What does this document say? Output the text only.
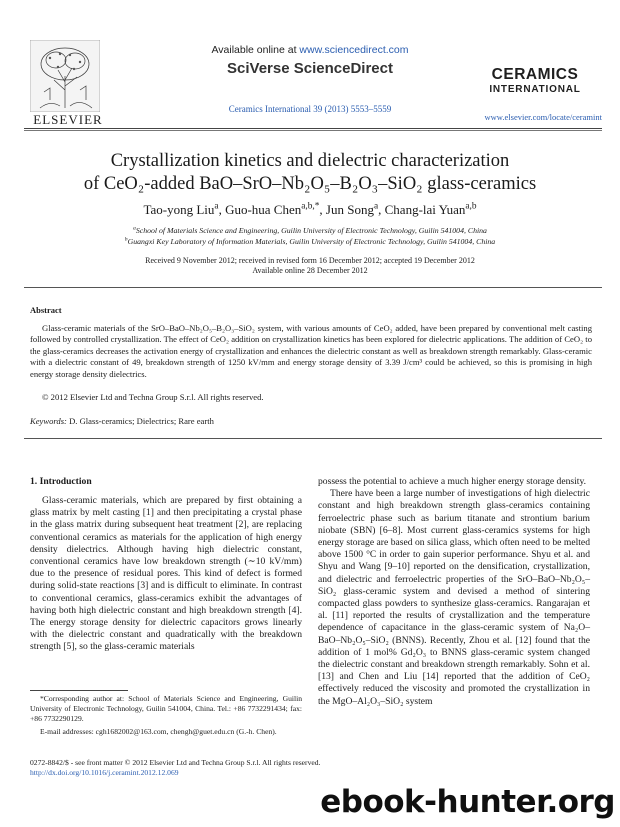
ELSEVIER
Available online at www.sciencedirect.com
SciVerse ScienceDirect
Ceramics International 39 (2013) 5553–5559
CERAMICS
INTERNATIONAL
www.elsevier.com/locate/ceramint
Crystallization kinetics and dielectric characterization
of CeO₂-added BaO–SrO–Nb₂O₅–B₂O₃–SiO₂ glass-ceramics
Tao-yong Liu$^a$, Guo-hua Chen$^{a,b,*}$, Jun Song$^a$, Chang-lai Yuan$^{a,b}$
$^a$School of Materials Science and Engineering, Guilin University of Electronic Technology, Guilin 541004, China
$^b$Guangxi Key Laboratory of Information Materials, Guilin University of Electronic Technology, Guilin 541004, China
Received 9 November 2012; received in revised form 16 December 2012; accepted 19 December 2012
Available online 28 December 2012
Abstract
Glass-ceramic materials of the SrO–BaO–Nb₂O₅–B₂O₃–SiO₂ system, with various amounts of CeO₂ added, have been prepared by conventional melt casting followed by controlled crystallization. The effect of CeO₂ addition on crystallization kinetics has been explored for dielectric applications. The addition of CeO₂ to the glass-ceramics decreases the activation energy of crystallization and enhances the dielectric constant as well as breakdown strength remarkably. Glass-ceramic with a dielectric constant of 49, breakdown strength of 1250 kV/mm and energy storage density of 3.39 J/cm³ could be achieved, so this is promising in high energy storage density dielectrics.
© 2012 Elsevier Ltd and Techna Group S.r.l. All rights reserved.
Keywords: D. Glass-ceramics; Dielectrics; Rare earth
1. Introduction
Glass-ceramic materials, which are prepared by first obtaining a glass matrix by melt casting [1] and then precipitating a crystal phase in the glass matrix during subsequent heat treatment [2], are replacing conventional ceramics as materials for the application of high energy density dielectrics. Although having high dielectric constant, conventional ceramics have low breakdown strength (∼10 kV/mm) due to the presence of residual pores. This kind of defect is formed during solid-state reactions [3] and is difficult to eliminate. In contrast to conventional ceramics, glass-ceramics exhibit the advantages of having both high dielectric constant and high breakdown strength [4]. The energy storage density for dielectric capacitors grows linearly with the dielectric constant and quadratically with the breakdown strength [5], so the glass-ceramic materials

possess the potential to achieve a much higher energy storage density.

There have been a large number of investigations of high dielectric constant and high breakdown strength glass-ceramics containing ferroelectric phase such as barium titanate and strontium barium niobate (SBN) [6–8]. Most current glass-ceramics systems for high energy storage are based on silica glass, which often need to be melted above 1500 °C in order to gain superior performance. Shyu et al. and Shyu and Wang [9–10] reported on the densification, crystallization, and dielectric and ferroelectric properties of the SrO–BaO–Nb₂O₅–SiO₂ glass-ceramic system and devised a method of sintering compacted glass powders to synthesize glass-ceramics. Rangarajan et al. [11] reported the results of crystallization and the temperature dependence of capacitance in the glass-ceramic system of Na₂O–BaO–Nb₂O₅–SiO₂ (BNNS). Recently, Zhou et al. [12] found that the addition of 1 mol% Gd₂O₃ to BNNS glass-ceramic system changed the dielectric constant and breakdown strength remarkably. Sohn et al. [13] and Chen and Liu [14] reported that the addition of CeO₂ effectively reduced the viscosity and promoted the crystallization in the MgO–Al₂O₃–SiO₂ system

*Corresponding author at: School of Materials Science and Engineering, Guilin University of Electronic Technology, Guilin 541004, China. Tel.: +86 7732291434; fax: +86 7732290129.
E-mail addresses: cgh1682002@163.com, chengh@guet.edu.cn (G.-h. Chen).
0272-8842/$ - see front matter © 2012 Elsevier Ltd and Techna Group S.r.l. All rights reserved.
http://dx.doi.org/10.1016/j.ceramint.2012.12.069
ebook-hunter.org
